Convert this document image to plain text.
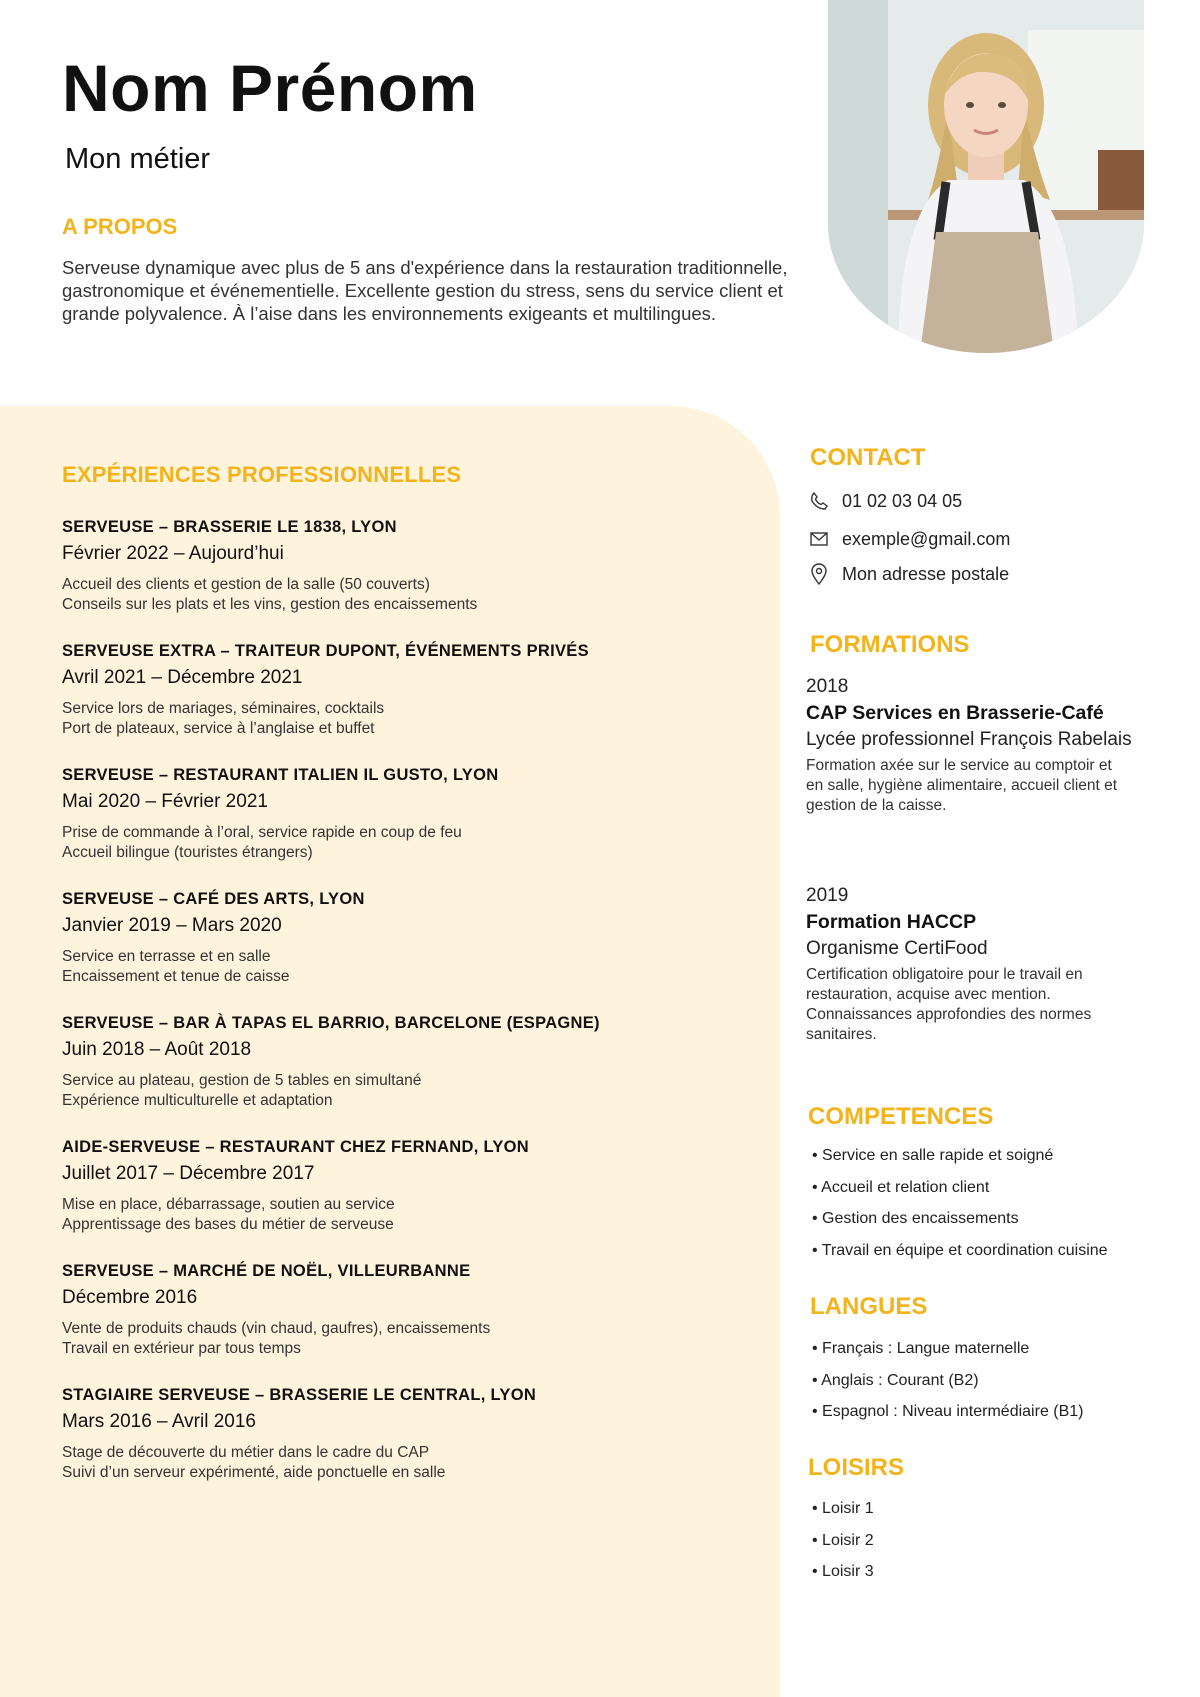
Nom Prénom

Mon métier

A PROPOS
Serveuse dynamique avec plus de 5 ans d'expérience dans la restauration traditionnelle,
gastronomique et événementielle. Excellente gestion du stress, sens du service client et
grande polyvalence. À l’aise dans les environnements exigeants et multilingues.
EXPÉRIENCES PROFESSIONNELLES

SERVEUSE – BRASSERIE LE 1838, LYON

Février 2022 – Aujourd’hui

Accueil des clients et gestion de la salle (50 couverts)

Conseils sur les plats et les vins, gestion des encaissements

SERVEUSE EXTRA – TRAITEUR DUPONT, ÉVÉNEMENTS PRIVÉS

Avril 2021 – Décembre 2021

Service lors de mariages, séminaires, cocktails

Port de plateaux, service à l’anglaise et buffet

SERVEUSE – RESTAURANT ITALIEN IL GUSTO, LYON

Mai 2020 – Février 2021

Prise de commande à l’oral, service rapide en coup de feu

Accueil bilingue (touristes étrangers)

SERVEUSE – CAFÉ DES ARTS, LYON

Janvier 2019 – Mars 2020

Service en terrasse et en salle

Encaissement et tenue de caisse

SERVEUSE – BAR À TAPAS EL BARRIO, BARCELONE (ESPAGNE)

Juin 2018 – Août 2018

Service au plateau, gestion de 5 tables en simultané

Expérience multiculturelle et adaptation

AIDE-SERVEUSE – RESTAURANT CHEZ FERNAND, LYON

Juillet 2017 – Décembre 2017

Mise en place, débarrassage, soutien au service

Apprentissage des bases du métier de serveuse

SERVEUSE – MARCHÉ DE NOËL, VILLEURBANNE

Décembre 2016

Vente de produits chauds (vin chaud, gaufres), encaissements

Travail en extérieur par tous temps

STAGIAIRE SERVEUSE – BRASSERIE LE CENTRAL, LYON

Mars 2016 – Avril 2016

Stage de découverte du métier dans le cadre du CAP

Suivi d’un serveur expérimenté, aide ponctuelle en salle

CONTACT
01 02 03 04 05
exemple@gmail.com
Mon adresse postale
FORMATIONS

2018

CAP Services en Brasserie-Café

Lycée professionnel François Rabelais

Formation axée sur le service au comptoir et
en salle, hygiène alimentaire, accueil client et
gestion de la caisse.

2019

Formation HACCP

Organisme CertiFood

Certification obligatoire pour le travail en
restauration, acquise avec mention.
Connaissances approfondies des normes
sanitaires.
COMPETENCES
• Service en salle rapide et soigné
• Accueil et relation client
• Gestion des encaissements
• Travail en équipe et coordination cuisine
LANGUES
• Français : Langue maternelle
• Anglais : Courant (B2)
• Espagnol : Niveau intermédiaire (B1)
LOISIRS
• Loisir 1
• Loisir 2
• Loisir 3
